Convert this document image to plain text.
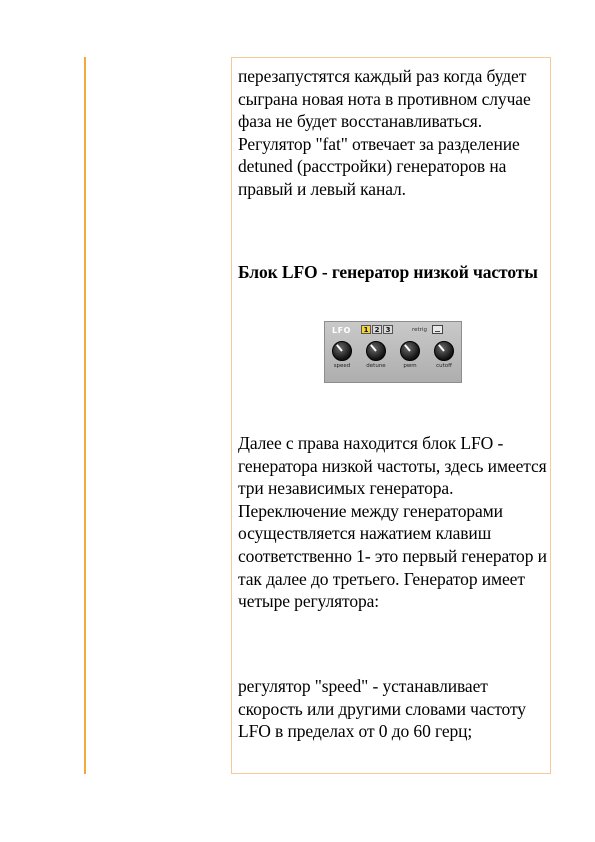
перезапустятся каждый раз когда будет сыграна новая нота в противном случае фаза не будет восстанавливаться. Регулятор "fat" отвечает за разделение detuned (расстройки) генераторов на правый и левый канал.

Блок LFO - генератор низкой частоты

LFO	1 2 3	retrig
speed	detune	pwm	cutoff

Далее с права находится блок LFO - генератора низкой частоты, здесь имеется три независимых генератора. Переключение между генераторами осуществляется нажатием клавиш соответственно 1- это первый генератор и так далее до третьего. Генератор имеет четыре регулятора:

регулятор "speed" - устанавливает скорость или другими словами частоту LFO в пределах от 0 до 60 герц;
